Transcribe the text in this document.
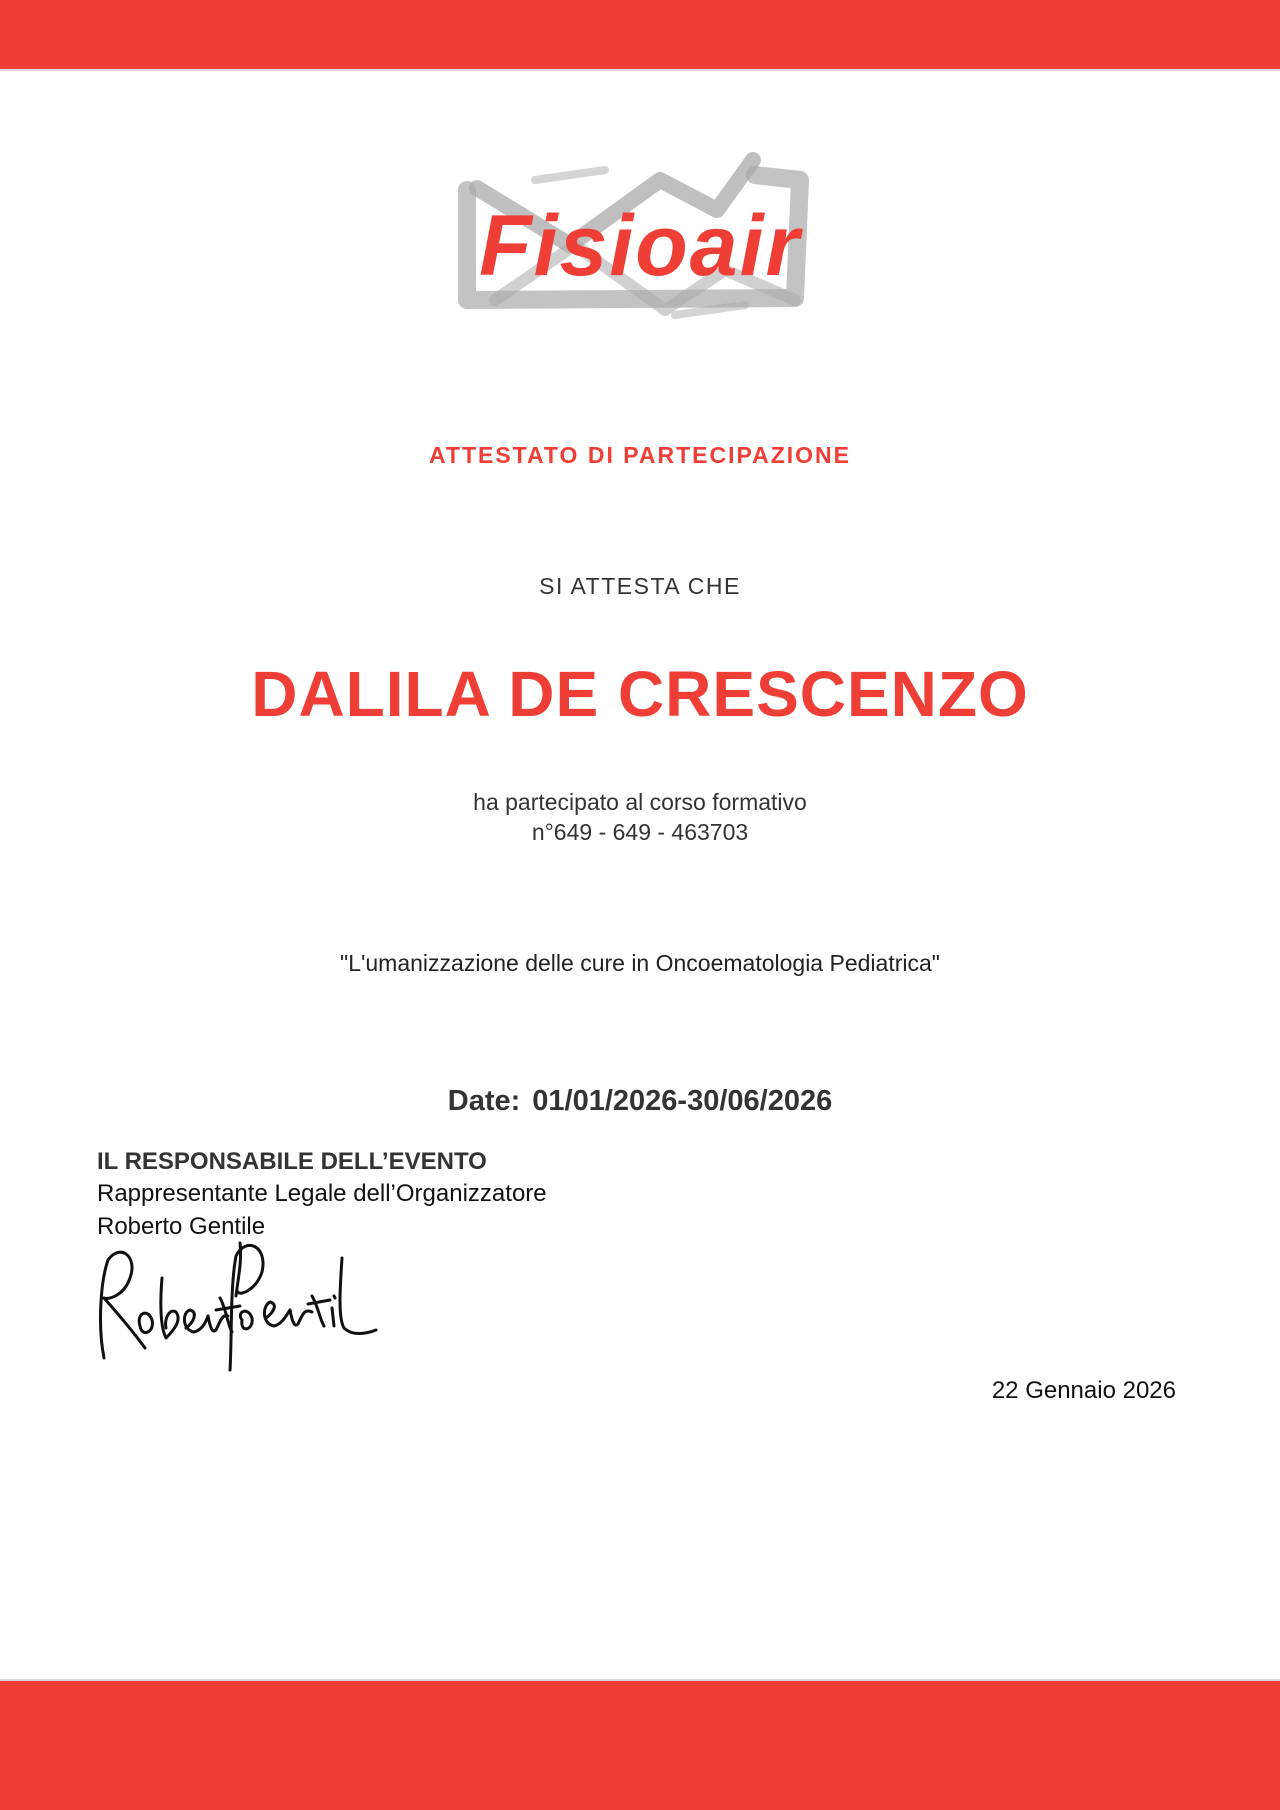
Fisioair
ATTESTATO DI PARTECIPAZIONE
SI ATTESTA CHE
DALILA DE CRESCENZO
ha partecipato al corso formativo
n°649 - 649 - 463703
"L'umanizzazione delle cure in Oncoematologia Pediatrica"
Date: 01/01/2026-30/06/2026
IL RESPONSABILE DELL’EVENTO
Rappresentante Legale dell’Organizzatore
Roberto Gentile
22 Gennaio 2026
